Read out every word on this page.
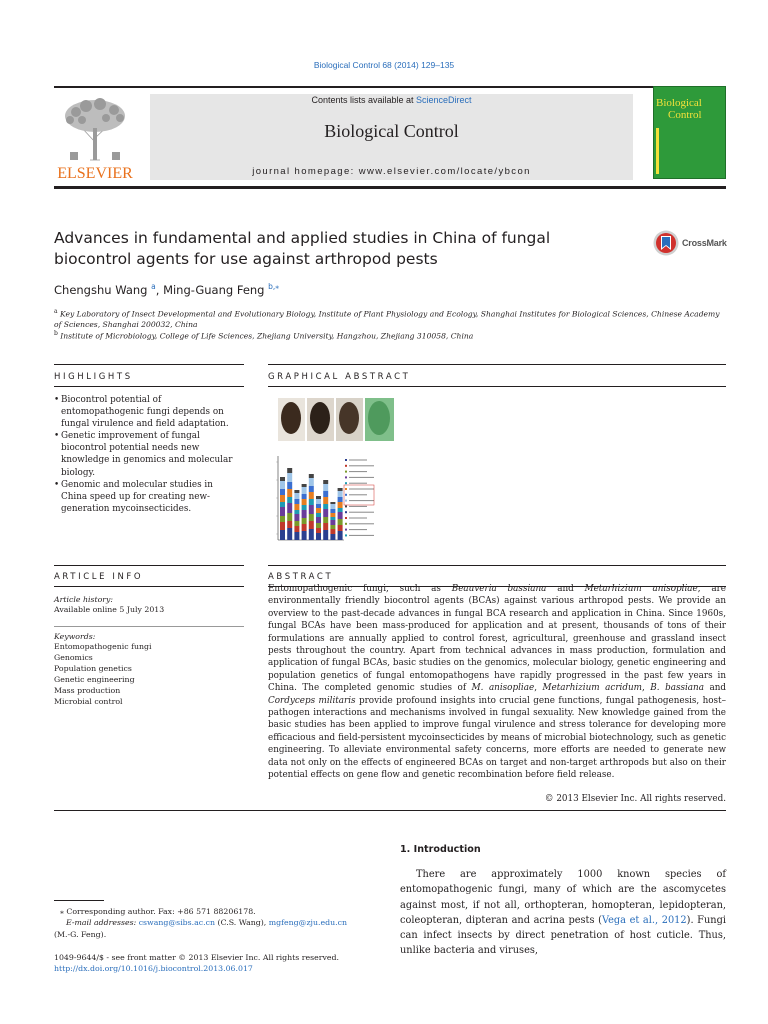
Biological Control 68 (2014) 129–135
ELSEVIER
Contents lists available at ScienceDirect
Biological Control
journal homepage: www.elsevier.com/locate/ybcon
Biological
Control
Advances in fundamental and applied studies in China of fungal biocontrol agents for use against arthropod pests
CrossMark
Chengshu Wang $^a$, Ming-Guang Feng $^{b,⁎}$
$^a$ Key Laboratory of Insect Developmental and Evolutionary Biology, Institute of Plant Physiology and Ecology, Shanghai Institutes for Biological Sciences, Chinese Academy of Sciences, Shanghai 200032, China
$^b$ Institute of Microbiology, College of Life Sciences, Zhejiang University, Hangzhou, Zhejiang 310058, China
HIGHLIGHTS	GRAPHICAL ABSTRACT
• Biocontrol potential of entomopathogenic fungi depends on fungal virulence and field adaptation.
• Genetic improvement of fungal biocontrol potential needs new knowledge in genomics and molecular biology.
• Genomic and molecular studies in China speed up for creating new-generation mycoinsecticides.

ARTICLE INFO	ABSTRACT
Article history:
Available online 5 July 2013
Keywords:
Entomopathogenic fungi
Genomics
Population genetics
Genetic engineering
Mass production
Microbial control
Entomopathogenic fungi, such as Beauveria bassiana and Metarhizium anisopliae, are environmentally friendly biocontrol agents (BCAs) against various arthropod pests. We provide an overview to the past-decade advances in fungal BCA research and application in China. Since 1960s, fungal BCAs have been mass-produced for application and at present, thousands of tons of their formulations are annually applied to control forest, agricultural, greenhouse and grassland insect pests throughout the country. Apart from technical advances in mass production, formulation and application of fungal BCAs, basic studies on the genomics, molecular biology, genetic engineering and population genetics of fungal entomopathogens have rapidly progressed in the past few years in China. The completed genomic studies of M. anisopliae, Metarhizium acridum, B. bassiana and Cordyceps militaris provide profound insights into crucial gene functions, fungal pathogenesis, host–pathogen interactions and mechanisms involved in fungal sexuality. New knowledge gained from the basic studies has been applied to improve fungal virulence and stress tolerance for developing more efficacious and field-persistent mycoinsecticides by means of microbial biotechnology, such as genetic engineering. To alleviate environmental safety concerns, more efforts are needed to generate new data not only on the effects of engineered BCAs on target and non-target arthropods but also on their potential effects on gene flow and genetic recombination before field release.
© 2013 Elsevier Inc. All rights reserved.
1. Introduction
There are approximately 1000 known species of entomopathogenic fungi, many of which are the ascomycetes against most, if not all, orthopteran, homopteran, lepidopteran, coleopteran, dipteran and acrina pests (Vega et al., 2012). Fungi can infect insects by direct penetration of host cuticle. Thus, unlike bacteria and viruses,
⁎ Corresponding author. Fax: +86 571 88206178.
E-mail addresses: cswang@sibs.ac.cn (C.S. Wang), mgfeng@zju.edu.cn
(M.-G. Feng).
1049-9644/$ - see front matter © 2013 Elsevier Inc. All rights reserved.
http://dx.doi.org/10.1016/j.biocontrol.2013.06.017
